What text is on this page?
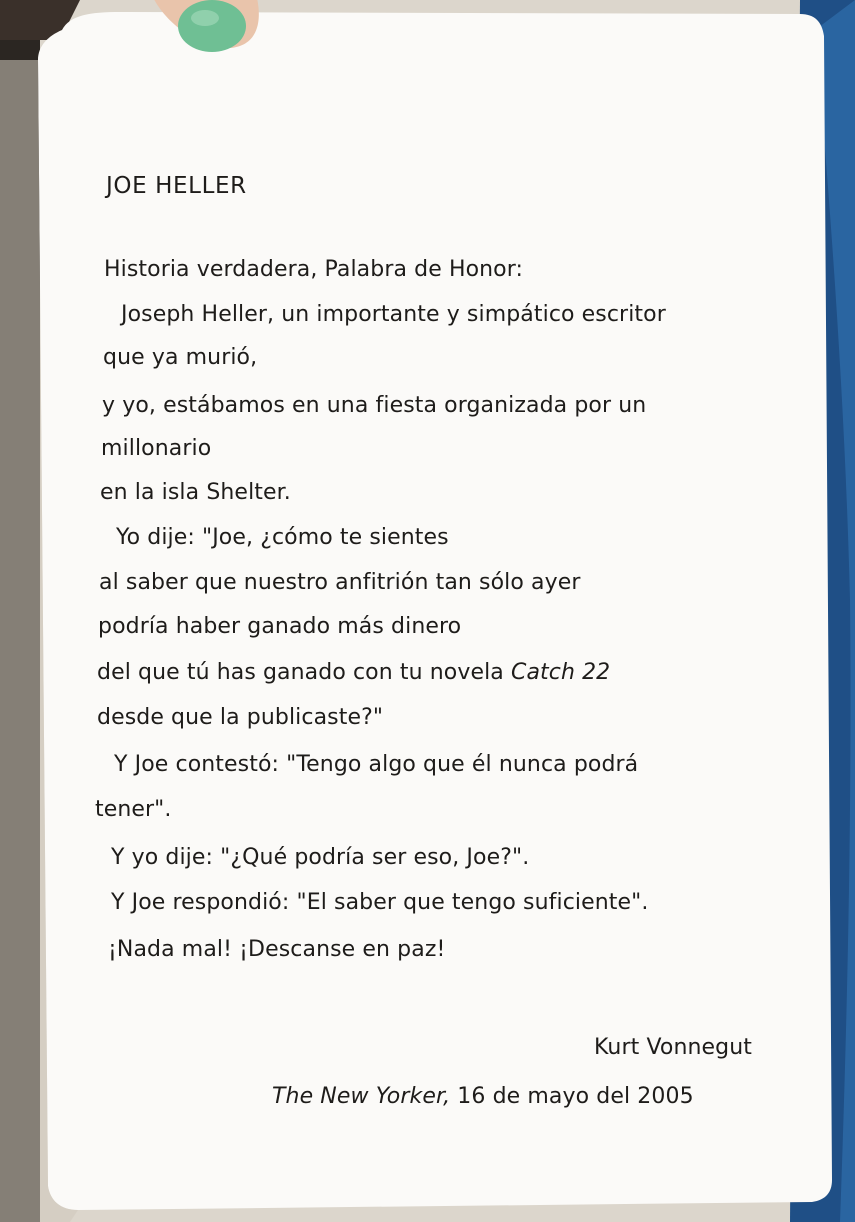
JOE HELLER
Historia verdadera, Palabra de Honor:
Joseph Heller, un importante y simpático escritor
que ya murió,
y yo, estábamos en una fiesta organizada por un
millonario
en la isla Shelter.
Yo dije: "Joe, ¿cómo te sientes
al saber que nuestro anfitrión tan sólo ayer
podría haber ganado más dinero
del que tú has ganado con tu novela Catch 22
desde que la publicaste?"
Y Joe contestó: "Tengo algo que él nunca podrá
tener".
Y yo dije: "¿Qué podría ser eso, Joe?".
Y Joe respondió: "El saber que tengo suficiente".
¡Nada mal! ¡Descanse en paz!
Kurt Vonnegut
The New Yorker, 16 de mayo del 2005
